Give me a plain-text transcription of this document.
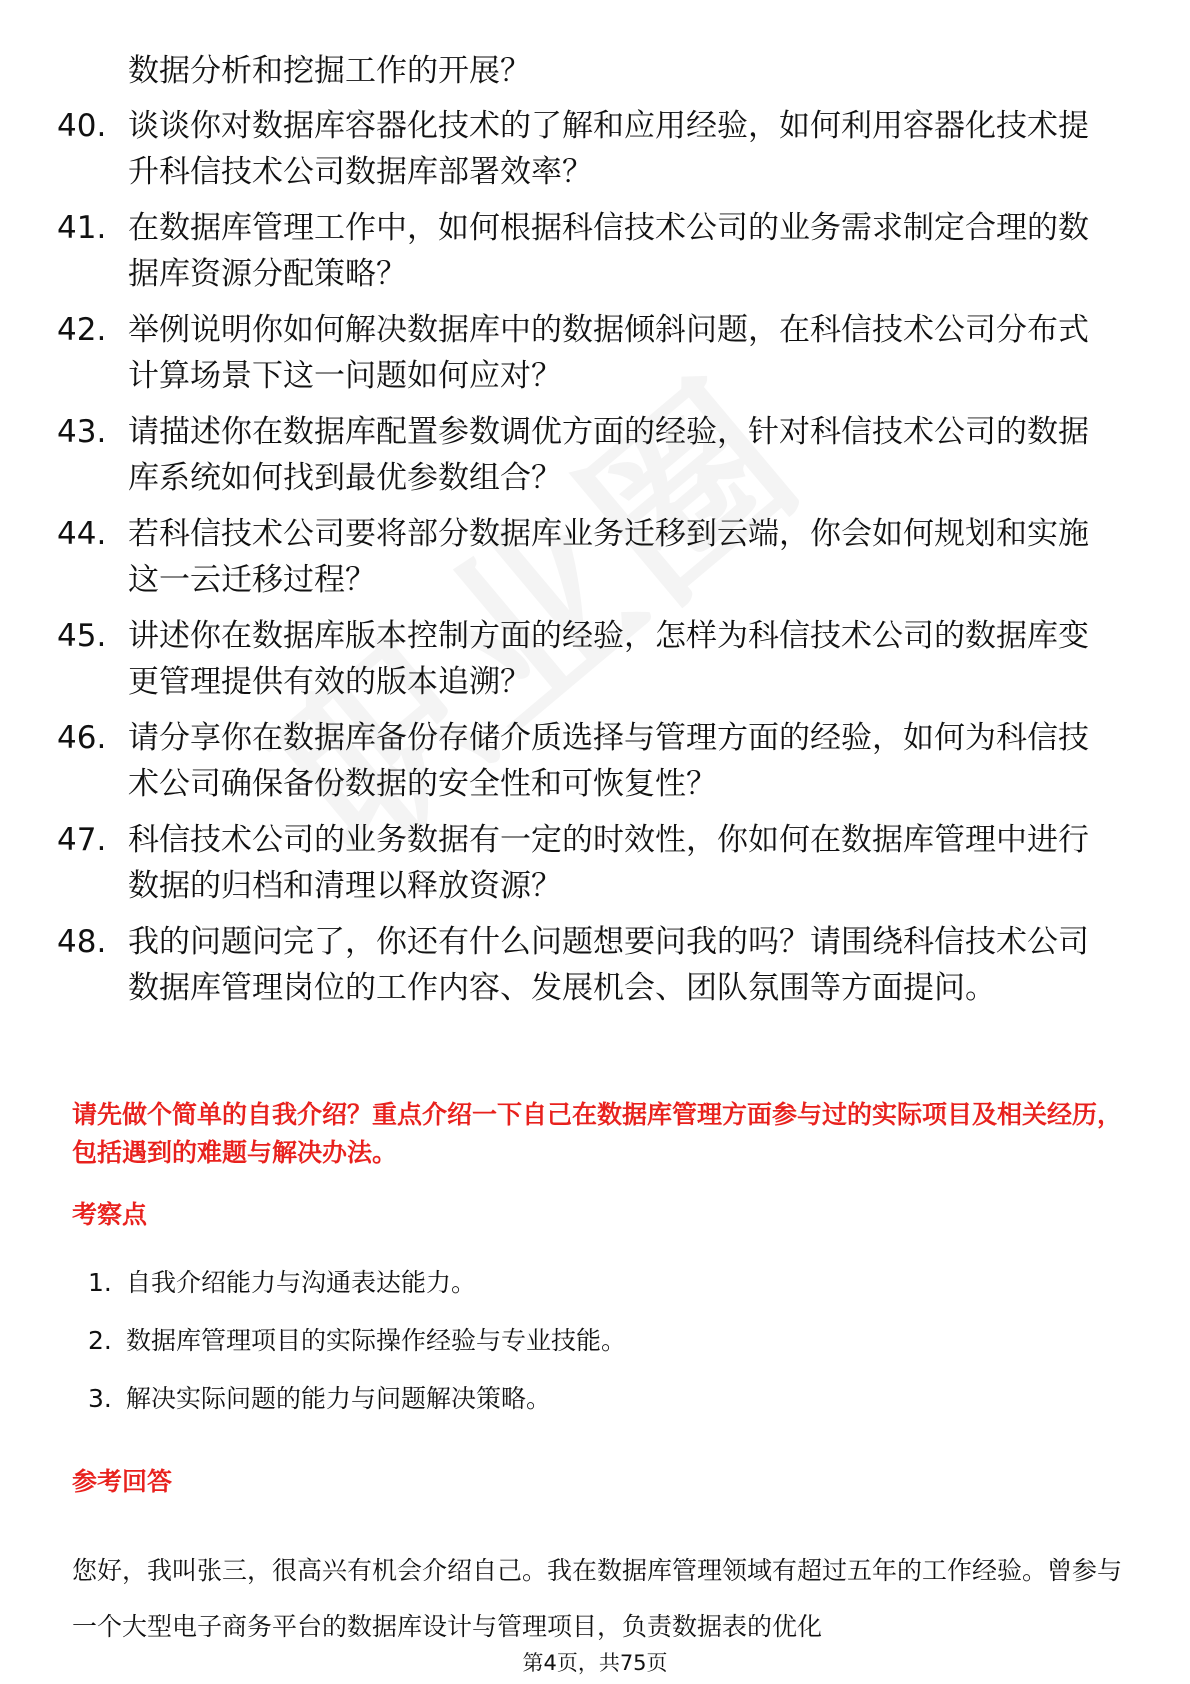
数据分析和挖掘工作的开展？
40. 谈谈你对数据库容器化技术的了解和应用经验，如何利用容器化技术提升科信技术公司数据库部署效率？
41. 在数据库管理工作中，如何根据科信技术公司的业务需求制定合理的数据库资源分配策略？
42. 举例说明你如何解决数据库中的数据倾斜问题，在科信技术公司分布式计算场景下这一问题如何应对？
43. 请描述你在数据库配置参数调优方面的经验，针对科信技术公司的数据库系统如何找到最优参数组合？
44. 若科信技术公司要将部分数据库业务迁移到云端，你会如何规划和实施这一云迁移过程？
45. 讲述你在数据库版本控制方面的经验，怎样为科信技术公司的数据库变更管理提供有效的版本追溯？
46. 请分享你在数据库备份存储介质选择与管理方面的经验，如何为科信技术公司确保备份数据的安全性和可恢复性？
47. 科信技术公司的业务数据有一定的时效性，你如何在数据库管理中进行数据的归档和清理以释放资源？
48. 我的问题问完了，你还有什么问题想要问我的吗？请围绕科信技术公司数据库管理岗位的工作内容、发展机会、团队氛围等方面提问。
请先做个简单的自我介绍？重点介绍一下自己在数据库管理方面参与过的实际项目及相关经历，包括遇到的难题与解决办法。
考察点
1. 自我介绍能力与沟通表达能力。
2. 数据库管理项目的实际操作经验与专业技能。
3. 解决实际问题的能力与问题解决策略。
参考回答
您好，我叫张三，很高兴有机会介绍自己。我在数据库管理领域有超过五年的工作经验。曾参与一个大型电子商务平台的数据库设计与管理项目，负责数据表的优化
第4页，共75页
